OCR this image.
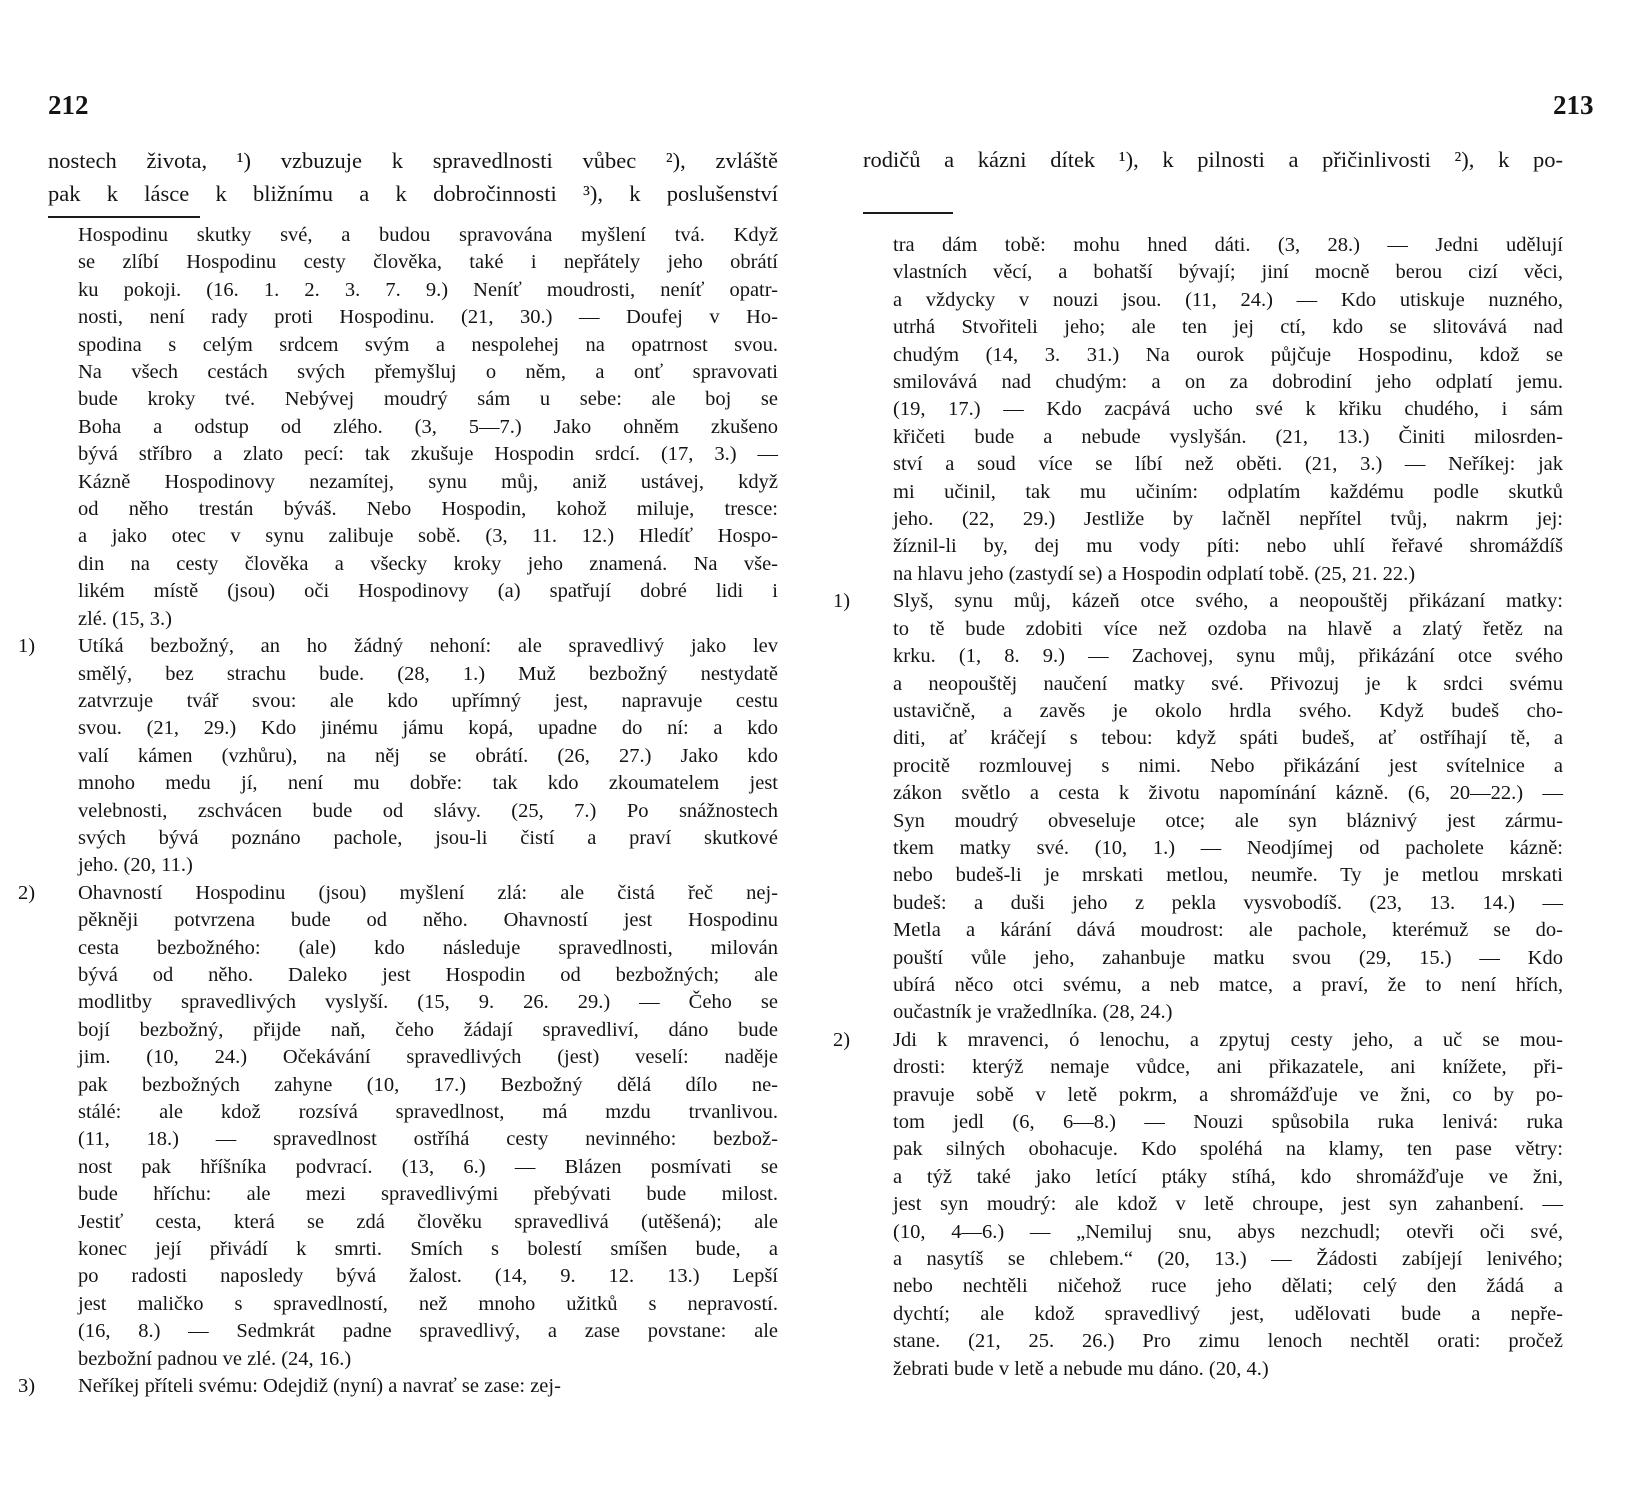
212
nostech života, ¹) vzbuzuje k spravedlnosti vůbec ²), zvláště
pak k lásce k bližnímu a k dobročinnosti ³), k poslušenství
Hospodinu skutky své, a budou spravována myšlení tvá. Když
se zlíbí Hospodinu cesty člověka, také i nepřátely jeho obrátí
ku pokoji. (16. 1. 2. 3. 7. 9.) Neníť moudrosti, neníť opatr-
nosti, není rady proti Hospodinu. (21, 30.) — Doufej v Ho-
spodina s celým srdcem svým a nespolehej na opatrnost svou.
Na všech cestách svých přemyšluj o něm, a onť spravovati
bude kroky tvé. Nebývej moudrý sám u sebe: ale boj se
Boha a odstup od zlého. (3, 5—7.) Jako ohněm zkušeno
bývá stříbro a zlato pecí: tak zkušuje Hospodin srdcí. (17, 3.) —
Kázně Hospodinovy nezamítej, synu můj, aniž ustávej, když
od něho trestán býváš. Nebo Hospodin, kohož miluje, tresce:
a jako otec v synu zalibuje sobě. (3, 11. 12.) Hledíť Hospo-
din na cesty člověka a všecky kroky jeho znamená. Na vše-
likém místě (jsou) oči Hospodinovy (a) spatřují dobré lidi i
zlé. (15, 3.)
1) Utíká bezbožný, an ho žádný nehoní: ale spravedlivý jako lev
smělý, bez strachu bude. (28, 1.) Muž bezbožný nestydatě
zatvrzuje tvář svou: ale kdo upřímný jest, napravuje cestu
svou. (21, 29.) Kdo jinému jámu kopá, upadne do ní: a kdo
valí kámen (vzhůru), na něj se obrátí. (26, 27.) Jako kdo
mnoho medu jí, není mu dobře: tak kdo zkoumatelem jest
velebnosti, zschvácen bude od slávy. (25, 7.) Po snážnostech
svých bývá poznáno pachole, jsou-li čistí a praví skutkové
jeho. (20, 11.)
2) Ohavností Hospodinu (jsou) myšlení zlá: ale čistá řeč nej-
pěkněji potvrzena bude od něho. Ohavností jest Hospodinu
cesta bezbožného: (ale) kdo následuje spravedlnosti, milován
bývá od něho. Daleko jest Hospodin od bezbožných; ale
modlitby spravedlivých vyslyší. (15, 9. 26. 29.) — Čeho se
bojí bezbožný, přijde naň, čeho žádají spravedliví, dáno bude
jim. (10, 24.) Očekávání spravedlivých (jest) veselí: naděje
pak bezbožných zahyne (10, 17.) Bezbožný dělá dílo ne-
stálé: ale kdož rozsívá spravedlnost, má mzdu trvanlivou.
(11, 18.) — spravedlnost ostříhá cesty nevinného: bezbož-
nost pak hříšníka podvrací. (13, 6.) — Blázen posmívati se
bude hříchu: ale mezi spravedlivými přebývati bude milost.
Jestiť cesta, která se zdá člověku spravedlivá (utěšená); ale
konec její přivádí k smrti. Smích s bolestí smíšen bude, a
po radosti naposledy bývá žalost. (14, 9. 12. 13.) Lepší
jest maličko s spravedlností, než mnoho užitků s nepravostí.
(16, 8.) — Sedmkrát padne spravedlivý, a zase povstane: ale
bezbožní padnou ve zlé. (24, 16.)
3) Neříkej příteli svému: Odejdiž (nyní) a navrať se zase: zej-
213
rodičů a kázni dítek ¹), k pilnosti a přičinlivosti ²), k po-
tra dám tobě: mohu hned dáti. (3, 28.) — Jedni udělují
vlastních věcí, a bohatší bývají; jiní mocně berou cizí věci,
a vždycky v nouzi jsou. (11, 24.) — Kdo utiskuje nuzného,
utrhá Stvořiteli jeho; ale ten jej ctí, kdo se slitovává nad
chudým (14, 3. 31.) Na ourok půjčuje Hospodinu, kdož se
smilovává nad chudým: a on za dobrodiní jeho odplatí jemu.
(19, 17.) — Kdo zacpává ucho své k křiku chudého, i sám
křičeti bude a nebude vyslyšán. (21, 13.) Činiti milosrden-
ství a soud více se líbí než oběti. (21, 3.) — Neříkej: jak
mi učinil, tak mu učiním: odplatím každému podle skutků
jeho. (22, 29.) Jestliže by lačněl nepřítel tvůj, nakrm jej:
žíznil-li by, dej mu vody píti: nebo uhlí řeřavé shromáždíš
na hlavu jeho (zastydí se) a Hospodin odplatí tobě. (25, 21. 22.)
1) Slyš, synu můj, kázeň otce svého, a neopouštěj přikázaní matky:
to tě bude zdobiti více než ozdoba na hlavě a zlatý řetěz na
krku. (1, 8. 9.) — Zachovej, synu můj, přikázání otce svého
a neopouštěj naučení matky své. Přivozuj je k srdci svému
ustavičně, a zavěs je okolo hrdla svého. Když budeš cho-
diti, ať kráčejí s tebou: když spáti budeš, ať ostříhají tě, a
procitě rozmlouvej s nimi. Nebo přikázání jest svítelnice a
zákon světlo a cesta k životu napomínání kázně. (6, 20—22.) —
Syn moudrý obveseluje otce; ale syn bláznivý jest zármu-
tkem matky své. (10, 1.) — Neodjímej od pacholete kázně:
nebo budeš-li je mrskati metlou, neumře. Ty je metlou mrskati
budeš: a duši jeho z pekla vysvobodíš. (23, 13. 14.) —
Metla a kárání dává moudrost: ale pachole, kterémuž se do-
pouští vůle jeho, zahanbuje matku svou (29, 15.) — Kdo
ubírá něco otci svému, a neb matce, a praví, že to není hřích,
oučastník je vražedlníka. (28, 24.)
2) Jdi k mravenci, ó lenochu, a zpytuj cesty jeho, a uč se mou-
drosti: kterýž nemaje vůdce, ani přikazatele, ani knížete, při-
pravuje sobě v letě pokrm, a shromážďuje ve žni, co by po-
tom jedl (6, 6—8.) — Nouzi spůsobila ruka lenivá: ruka
pak silných obohacuje. Kdo spoléhá na klamy, ten pase větry:
a týž také jako letící ptáky stíhá, kdo shromážďuje ve žni,
jest syn moudrý: ale kdož v letě chroupe, jest syn zahanbení. —
(10, 4—6.) — „Nemiluj snu, abys nezchudl; otevři oči své,
a nasytíš se chlebem.“ (20, 13.) — Žádosti zabíjejí lenivého;
nebo nechtěli ničehož ruce jeho dělati; celý den žádá a
dychtí; ale kdož spravedlivý jest, udělovati bude a nepře-
stane. (21, 25. 26.) Pro zimu lenoch nechtěl orati: pročež
žebrati bude v letě a nebude mu dáno. (20, 4.)
